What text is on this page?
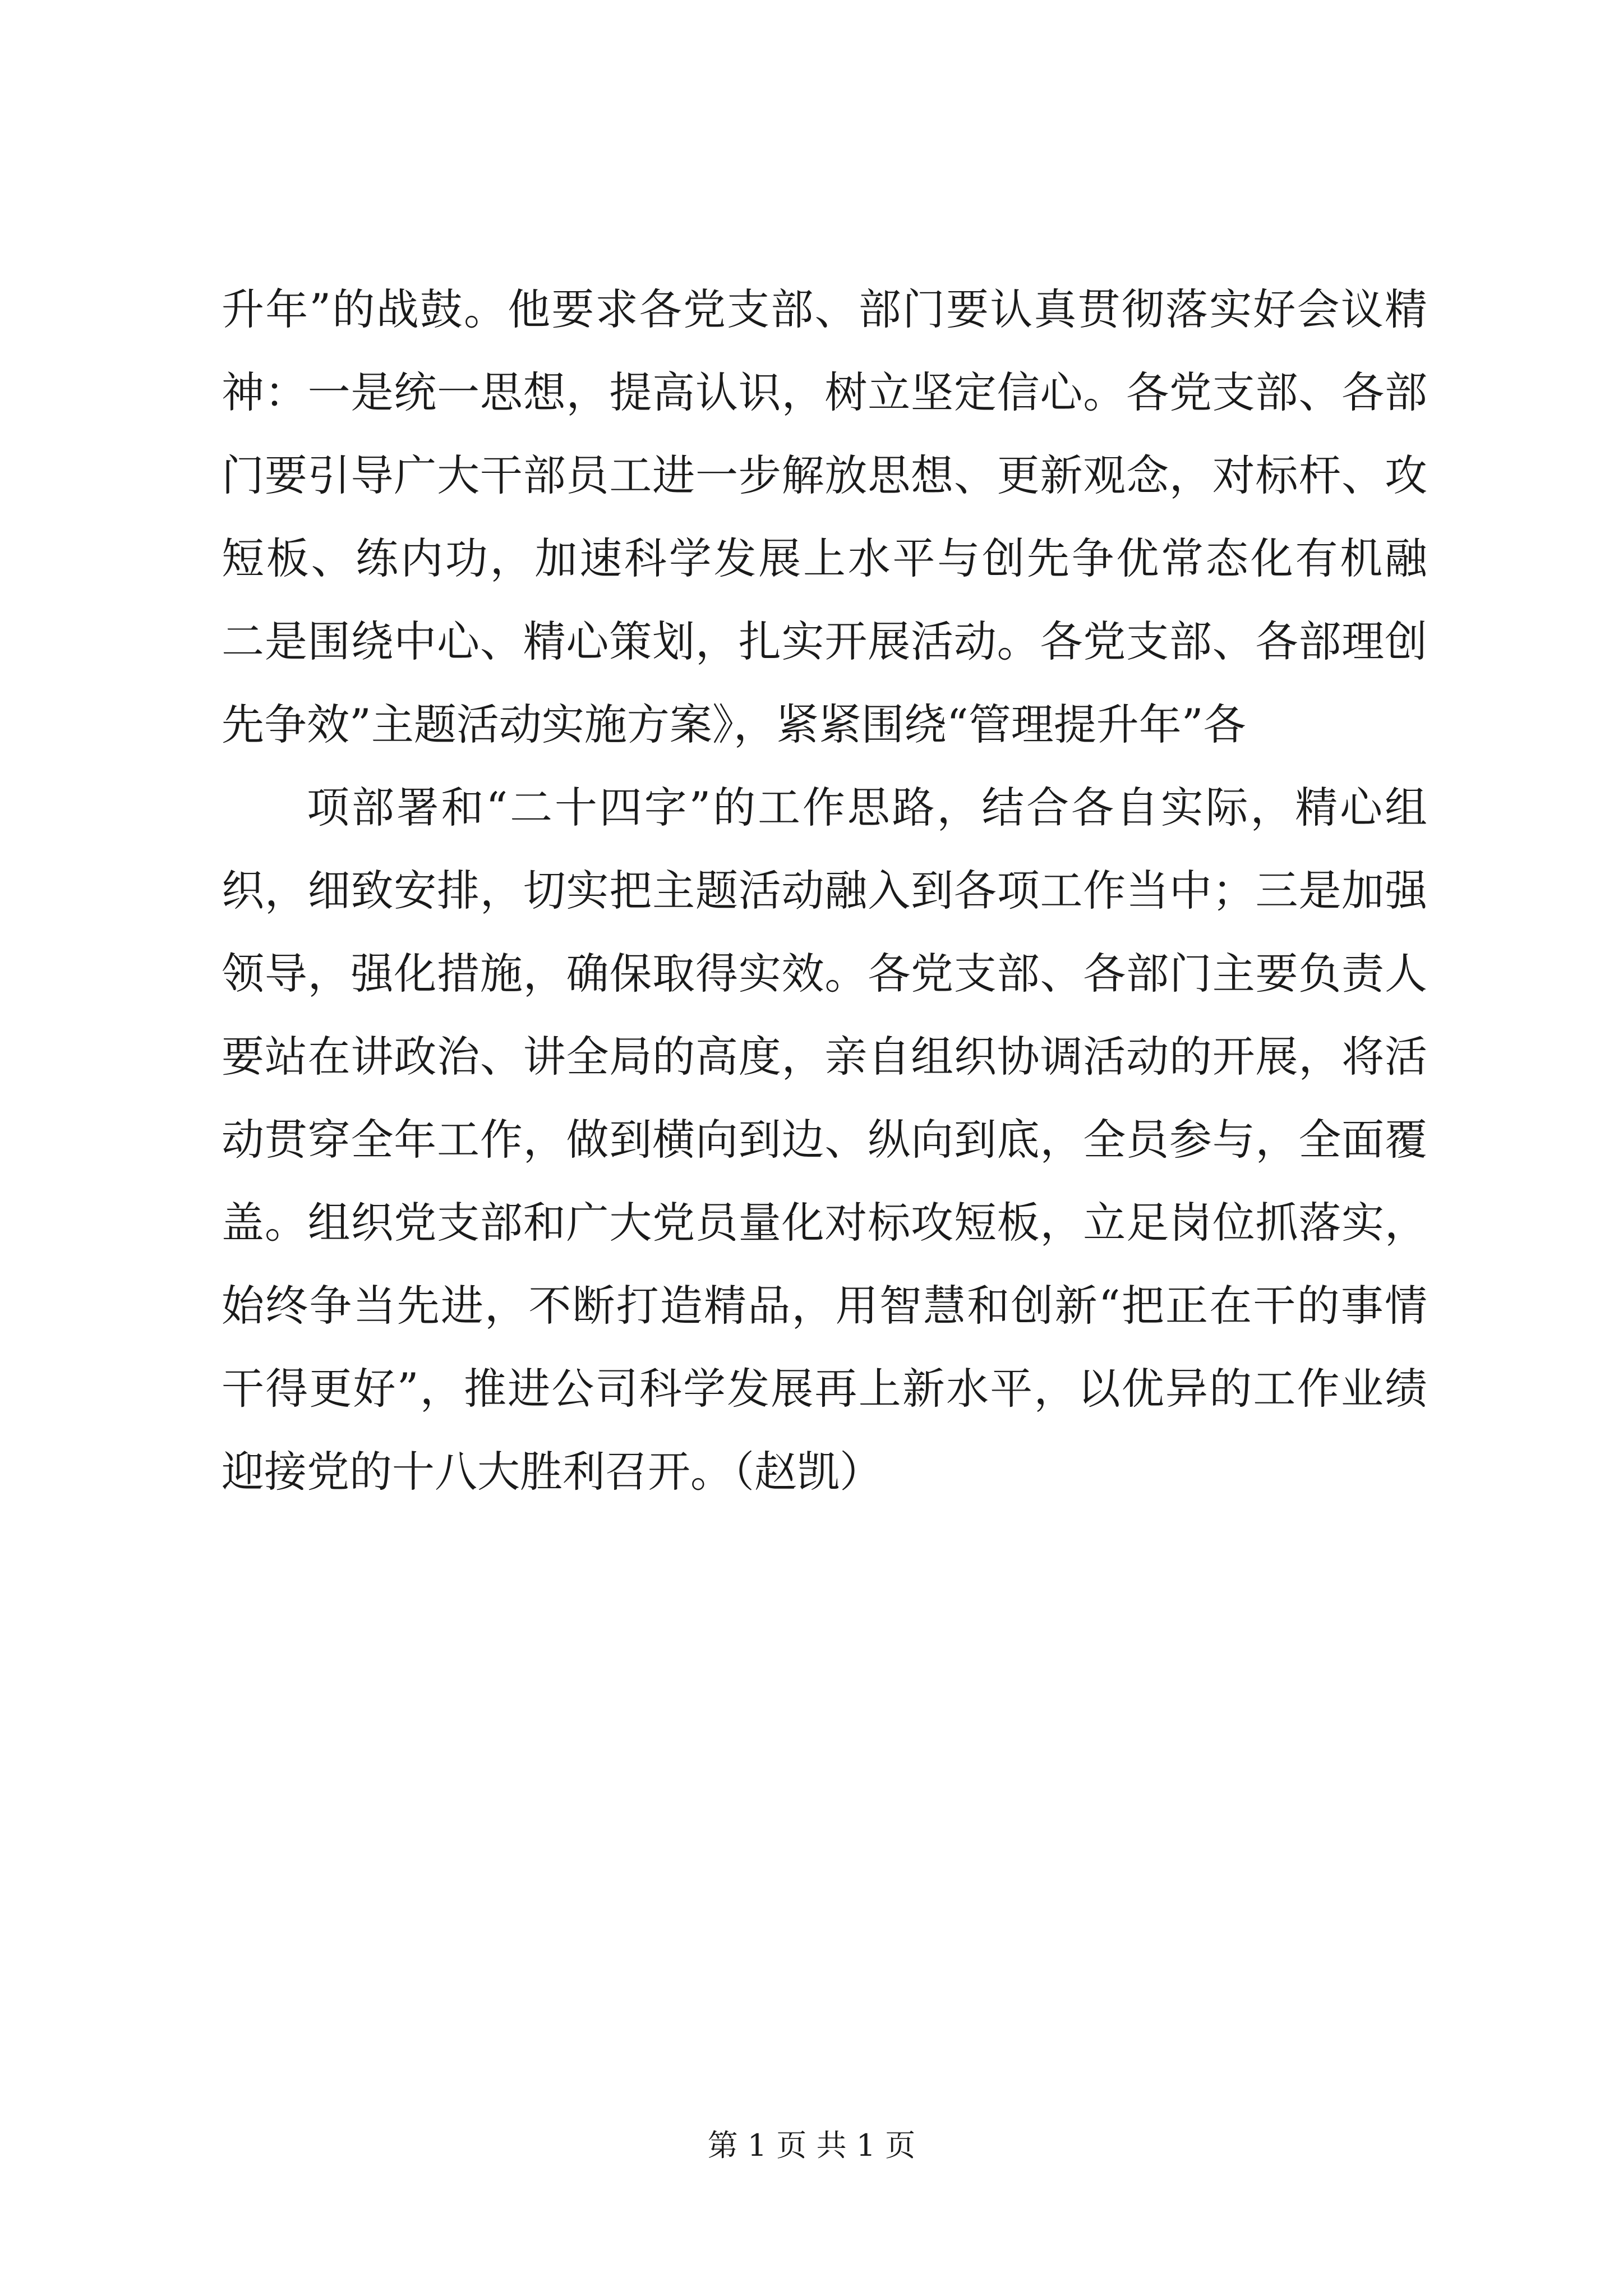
升年”的战鼓。他要求各党支部、部门要认真贯彻落实好会议精
神：一是统一思想，提高认识，树立坚定信心。各党支部、各部
门要引导广大干部员工进一步解放思想、更新观念，对标杆、攻
短板、练内功，加速科学发展上水平与创先争优常态化有机融
二是围绕中心、精心策划，扎实开展活动。各党支部、各部理创
先争效”主题活动实施方案》，紧紧围绕“管理提升年”各
项部署和“二十四字”的工作思路，结合各自实际，精心组
织，细致安排，切实把主题活动融入到各项工作当中；三是加强
领导，强化措施，确保取得实效。各党支部、各部门主要负责人
要站在讲政治、讲全局的高度，亲自组织协调活动的开展，将活
动贯穿全年工作，做到横向到边、纵向到底，全员参与，全面覆
盖。组织党支部和广大党员量化对标攻短板，立足岗位抓落实，
始终争当先进，不断打造精品，用智慧和创新“把正在干的事情
干得更好”，推进公司科学发展再上新水平，以优异的工作业绩
迎接党的十八大胜利召开。（赵凯）
第 1 页 共 1 页
